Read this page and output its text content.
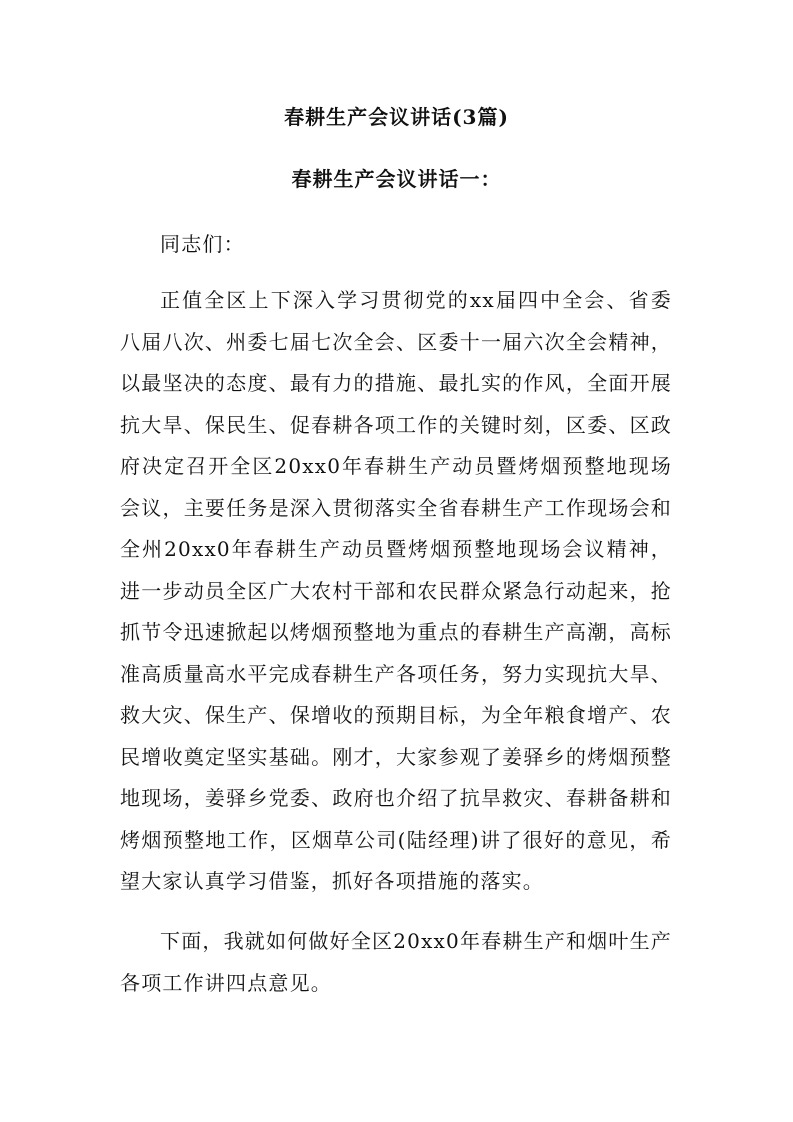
春耕生产会议讲话(3篇)
春耕生产会议讲话一：

同志们：

正值全区上下深入学习贯彻党的xx届四中全会、省委八届八次、州委七届七次全会、区委十一届六次全会精神，以最坚决的态度、最有力的措施、最扎实的作风，全面开展抗大旱、保民生、促春耕各项工作的关键时刻，区委、区政府决定召开全区20xx0年春耕生产动员暨烤烟预整地现场会议，主要任务是深入贯彻落实全省春耕生产工作现场会和全州20xx0年春耕生产动员暨烤烟预整地现场会议精神，进一步动员全区广大农村干部和农民群众紧急行动起来，抢抓节令迅速掀起以烤烟预整地为重点的春耕生产高潮，高标准高质量高水平完成春耕生产各项任务，努力实现抗大旱、救大灾、保生产、保增收的预期目标，为全年粮食增产、农民增收奠定坚实基础。刚才，大家参观了姜驿乡的烤烟预整地现场，姜驿乡党委、政府也介绍了抗旱救灾、春耕备耕和烤烟预整地工作，区烟草公司(陆经理)讲了很好的意见，希望大家认真学习借鉴，抓好各项措施的落实。

下面，我就如何做好全区20xx0年春耕生产和烟叶生产各项工作讲四点意见。
